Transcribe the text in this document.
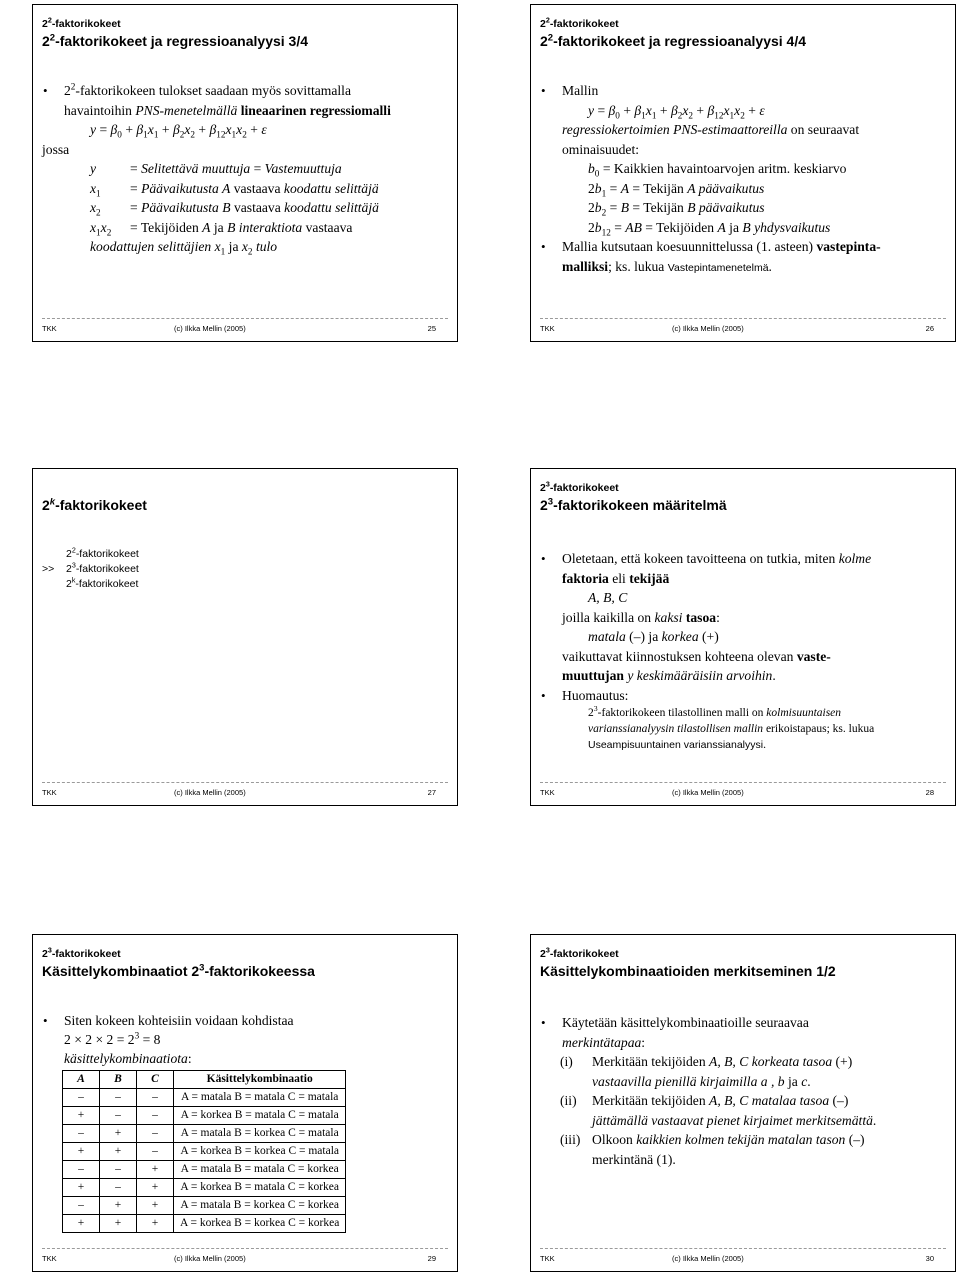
$2^2$-faktorikokeet
$2^2$-faktorikokeet ja regressioanalyysi 3/4
• $2^2$-faktorikokeen tulokset saadaan myös sovittamalla
havaintoihin PNS-menetelmällä lineaarinen regressiomalli
$y = \beta_0 + \beta_1x_1 + \beta_2x_2 + \beta_{12}x_1x_2 + \varepsilon$
jossa
y	= Selitettävä muuttuja = Vastemuuttuja
$x_1$	= Päävaikutusta A vastaava koodattu selittäjä
$x_2$	= Päävaikutusta B vastaava koodattu selittäjä
$x_1x_2$	= Tekijöiden A ja B interaktiota vastaava
koodattujen selittäjien $x_1$ ja $x_2$ tulo
TKK	(c) Ilkka Mellin (2005)	25
$2^2$-faktorikokeet
$2^2$-faktorikokeet ja regressioanalyysi 4/4
• Mallin
$y = \beta_0 + \beta_1x_1 + \beta_2x_2 + \beta_{12}x_1x_2 + \varepsilon$
regressiokertoimien PNS-estimaattoreilla on seuraavat
ominaisuudet:
$b_0$ = Kaikkien havaintoarvojen aritm. keskiarvo
$2b_1 = A$ = Tekijän A päävaikutus
$2b_2 = B$ = Tekijän B päävaikutus
$2b_{12}$ = AB = Tekijöiden A ja B yhdysvaikutus
• Mallia kutsutaan koesuunnittelussa (1. asteen) vastepinta-
malliksi; ks. lukua Vastepintamenetelmä.
TKK	(c) Ilkka Mellin (2005)	26
2$^k$-faktorikokeet
$2^2$-faktorikokeet
>>	$2^3$-faktorikokeet
2$^k$-faktorikokeet
TKK	(c) Ilkka Mellin (2005)	27
$2^3$-faktorikokeet
$2^3$-faktorikokeen määritelmä
• Oletetaan, että kokeen tavoitteena on tutkia, miten kolme
faktoria eli tekijää
A, B, C
joilla kaikilla on kaksi tasoa:
matala (–) ja korkea (+)
vaikuttavat kiinnostuksen kohteena olevan vaste-
muuttujan y keskimääräisiin arvoihin.
• Huomautus:
$2^3$-faktorikokeen tilastollinen malli on kolmisuuntaisen
varianssianalyysin tilastollisen mallin erikoistapaus; ks. lukua
Useampisuuntainen varianssianalyysi.
TKK	(c) Ilkka Mellin (2005)	28
$2^3$-faktorikokeet
Käsittelykombinaatiot $2^3$-faktorikokeessa
• Siten kokeen kohteisiin voidaan kohdistaa
$2 \times 2 \times 2 = 2^3 = 8$
käsittelykombinaatiota:
A	B	C	Käsittelykombinaatio
–	–	–	A = matala B = matala C = matala
+	–	–	A = korkea B = matala C = matala
–	+	–	A = matala B = korkea C = matala
+	+	–	A = korkea B = korkea C = matala
–	–	+	A = matala B = matala C = korkea
+	–	+	A = korkea B = matala C = korkea
–	+	+	A = matala B = korkea C = korkea
+	+	+	A = korkea B = korkea C = korkea
TKK	(c) Ilkka Mellin (2005)	29
$2^3$-faktorikokeet
Käsittelykombinaatioiden merkitseminen 1/2
• Käytetään käsittelykombinaatioille seuraavaa
merkintätapaa:
(i)	Merkitään tekijöiden A, B, C korkeata tasoa (+)
vastaavilla pienillä kirjaimilla a , b ja c.
(ii)	Merkitään tekijöiden A, B, C matalaa tasoa (–)
jättämällä vastaavat pienet kirjaimet merkitsemättä.
(iii) Olkoon kaikkien kolmen tekijän matalan tason (–)
merkintänä (1).
TKK	(c) Ilkka Mellin (2005)	30
